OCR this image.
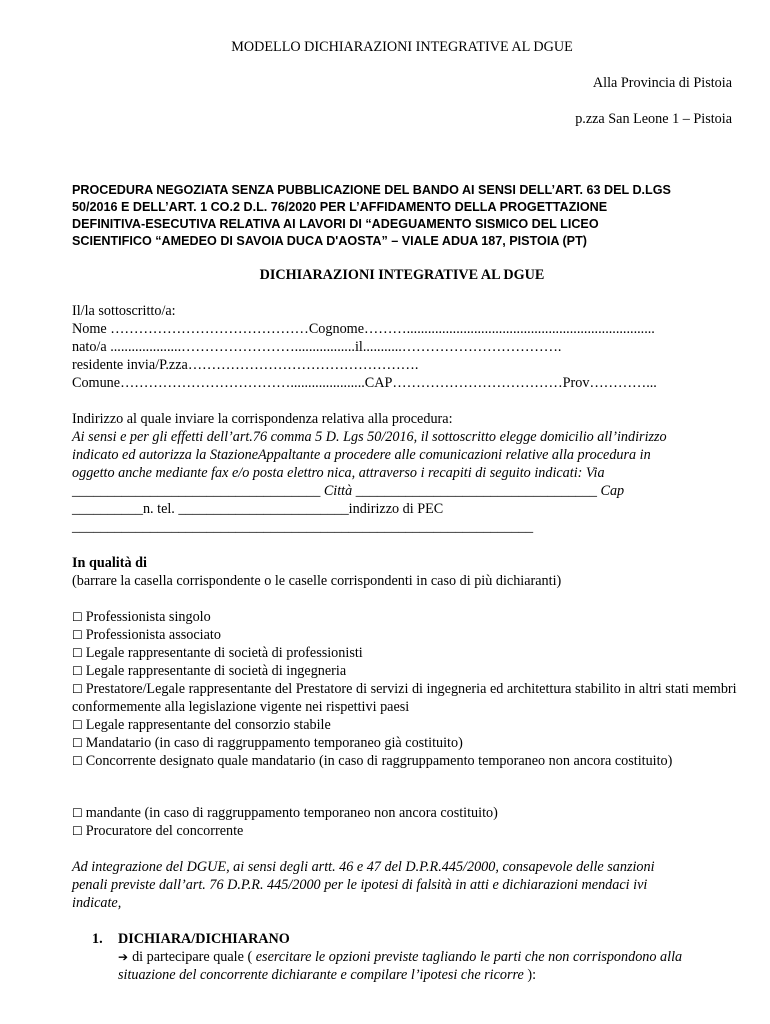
MODELLO DICHIARAZIONI INTEGRATIVE AL DGUE
Alla Provincia di Pistoia
p.zza San Leone 1 – Pistoia
PROCEDURA NEGOZIATA SENZA PUBBLICAZIONE DEL BANDO AI SENSI DELL’ART. 63 DEL D.LGS
50/2016 E DELL’ART. 1 CO.2 D.L. 76/2020 PER L’AFFIDAMENTO DELLA PROGETTAZIONE
DEFINITIVA-ESECUTIVA RELATIVA AI LAVORI DI “ADEGUAMENTO SISMICO DEL LICEO
SCIENTIFICO “AMEDEO DI SAVOIA DUCA D'AOSTA” – VIALE ADUA 187, PISTOIA (PT)
DICHIARAZIONI INTEGRATIVE AL DGUE
Il/la sottoscritto/a:
Nome ……………………………………Cognome………......................................................................
nato/a ....................…………………….................il...........…………………………….
residente invia/P.zza………………………………………….
Comune……………………………….....................CAP………………………………Prov…………...
Indirizzo al quale inviare la corrispondenza relativa alla procedura:
Ai sensi e per gli effetti dell’art.76 comma 5 D. Lgs 50/2016, il sottoscritto elegge domicilio all’indirizzo
indicato ed autorizza la StazioneAppaltante a procedere alle comunicazioni relative alla procedura in
oggetto anche mediante fax e/o posta elettro nica, attraverso i recapiti di seguito indicati: Via
___________________________________ Città __________________________________ Cap
__________n. tel. ________________________indirizzo di PEC
_________________________________________________________________
In qualità di
(barrare la casella corrispondente o le caselle corrispondenti in caso di più dichiaranti)
☐ Professionista singolo
☐ Professionista associato
☐ Legale rappresentante di società di professionisti
☐ Legale rappresentante di società di ingegneria
☐ Prestatore/Legale rappresentante del Prestatore di servizi di ingegneria ed architettura stabilito in altri stati membri
conformemente alla legislazione vigente nei rispettivi paesi
☐ Legale rappresentante del consorzio stabile
☐ Mandatario (in caso di raggruppamento temporaneo già costituito)
☐ Concorrente designato quale mandatario (in caso di raggruppamento temporaneo non ancora costituito)
☐ mandante (in caso di raggruppamento temporaneo non ancora costituito)
☐ Procuratore del concorrente
Ad integrazione del DGUE, ai sensi degli artt. 46 e 47 del D.P.R.445/2000, consapevole delle sanzioni
penali previste dall’art. 76 D.P.R. 445/2000 per le ipotesi di falsità in atti e dichiarazioni mendaci ivi
indicate,
1. DICHIARA/DICHIARANO
➔ di partecipare quale ( esercitare le opzioni previste tagliando le parti che non corrispondono alla
situazione del concorrente dichiarante e compilare l’ipotesi che ricorre ):
